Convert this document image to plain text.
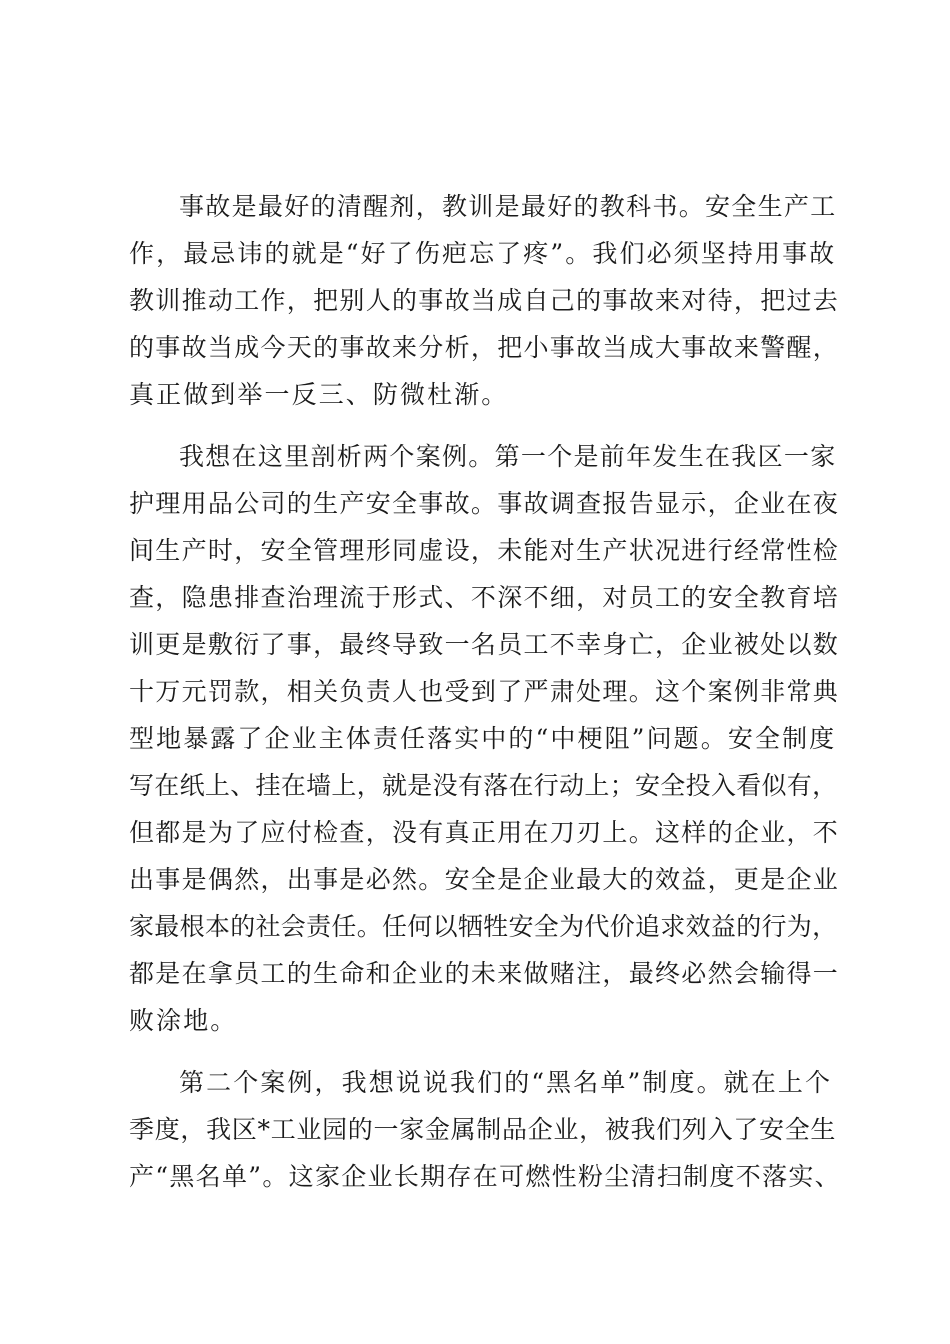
事故是最好的清醒剂，教训是最好的教科书。安全生产工
作，最忌讳的就是“好了伤疤忘了疼”。我们必须坚持用事故
教训推动工作，把别人的事故当成自己的事故来对待，把过去
的事故当成今天的事故来分析，把小事故当成大事故来警醒，
真正做到举一反三、防微杜渐。
我想在这里剖析两个案例。第一个是前年发生在我区一家
护理用品公司的生产安全事故。事故调查报告显示，企业在夜
间生产时，安全管理形同虚设，未能对生产状况进行经常性检
查，隐患排查治理流于形式、不深不细，对员工的安全教育培
训更是敷衍了事，最终导致一名员工不幸身亡，企业被处以数
十万元罚款，相关负责人也受到了严肃处理。这个案例非常典
型地暴露了企业主体责任落实中的“中梗阻”问题。安全制度
写在纸上、挂在墙上，就是没有落在行动上；安全投入看似有，
但都是为了应付检查，没有真正用在刀刃上。这样的企业，不
出事是偶然，出事是必然。安全是企业最大的效益，更是企业
家最根本的社会责任。任何以牺牲安全为代价追求效益的行为，
都是在拿员工的生命和企业的未来做赌注，最终必然会输得一
败涂地。
第二个案例，我想说说我们的“黑名单”制度。就在上个
季度，我区*工业园的一家金属制品企业，被我们列入了安全生
产“黑名单”。这家企业长期存在可燃性粉尘清扫制度不落实、
